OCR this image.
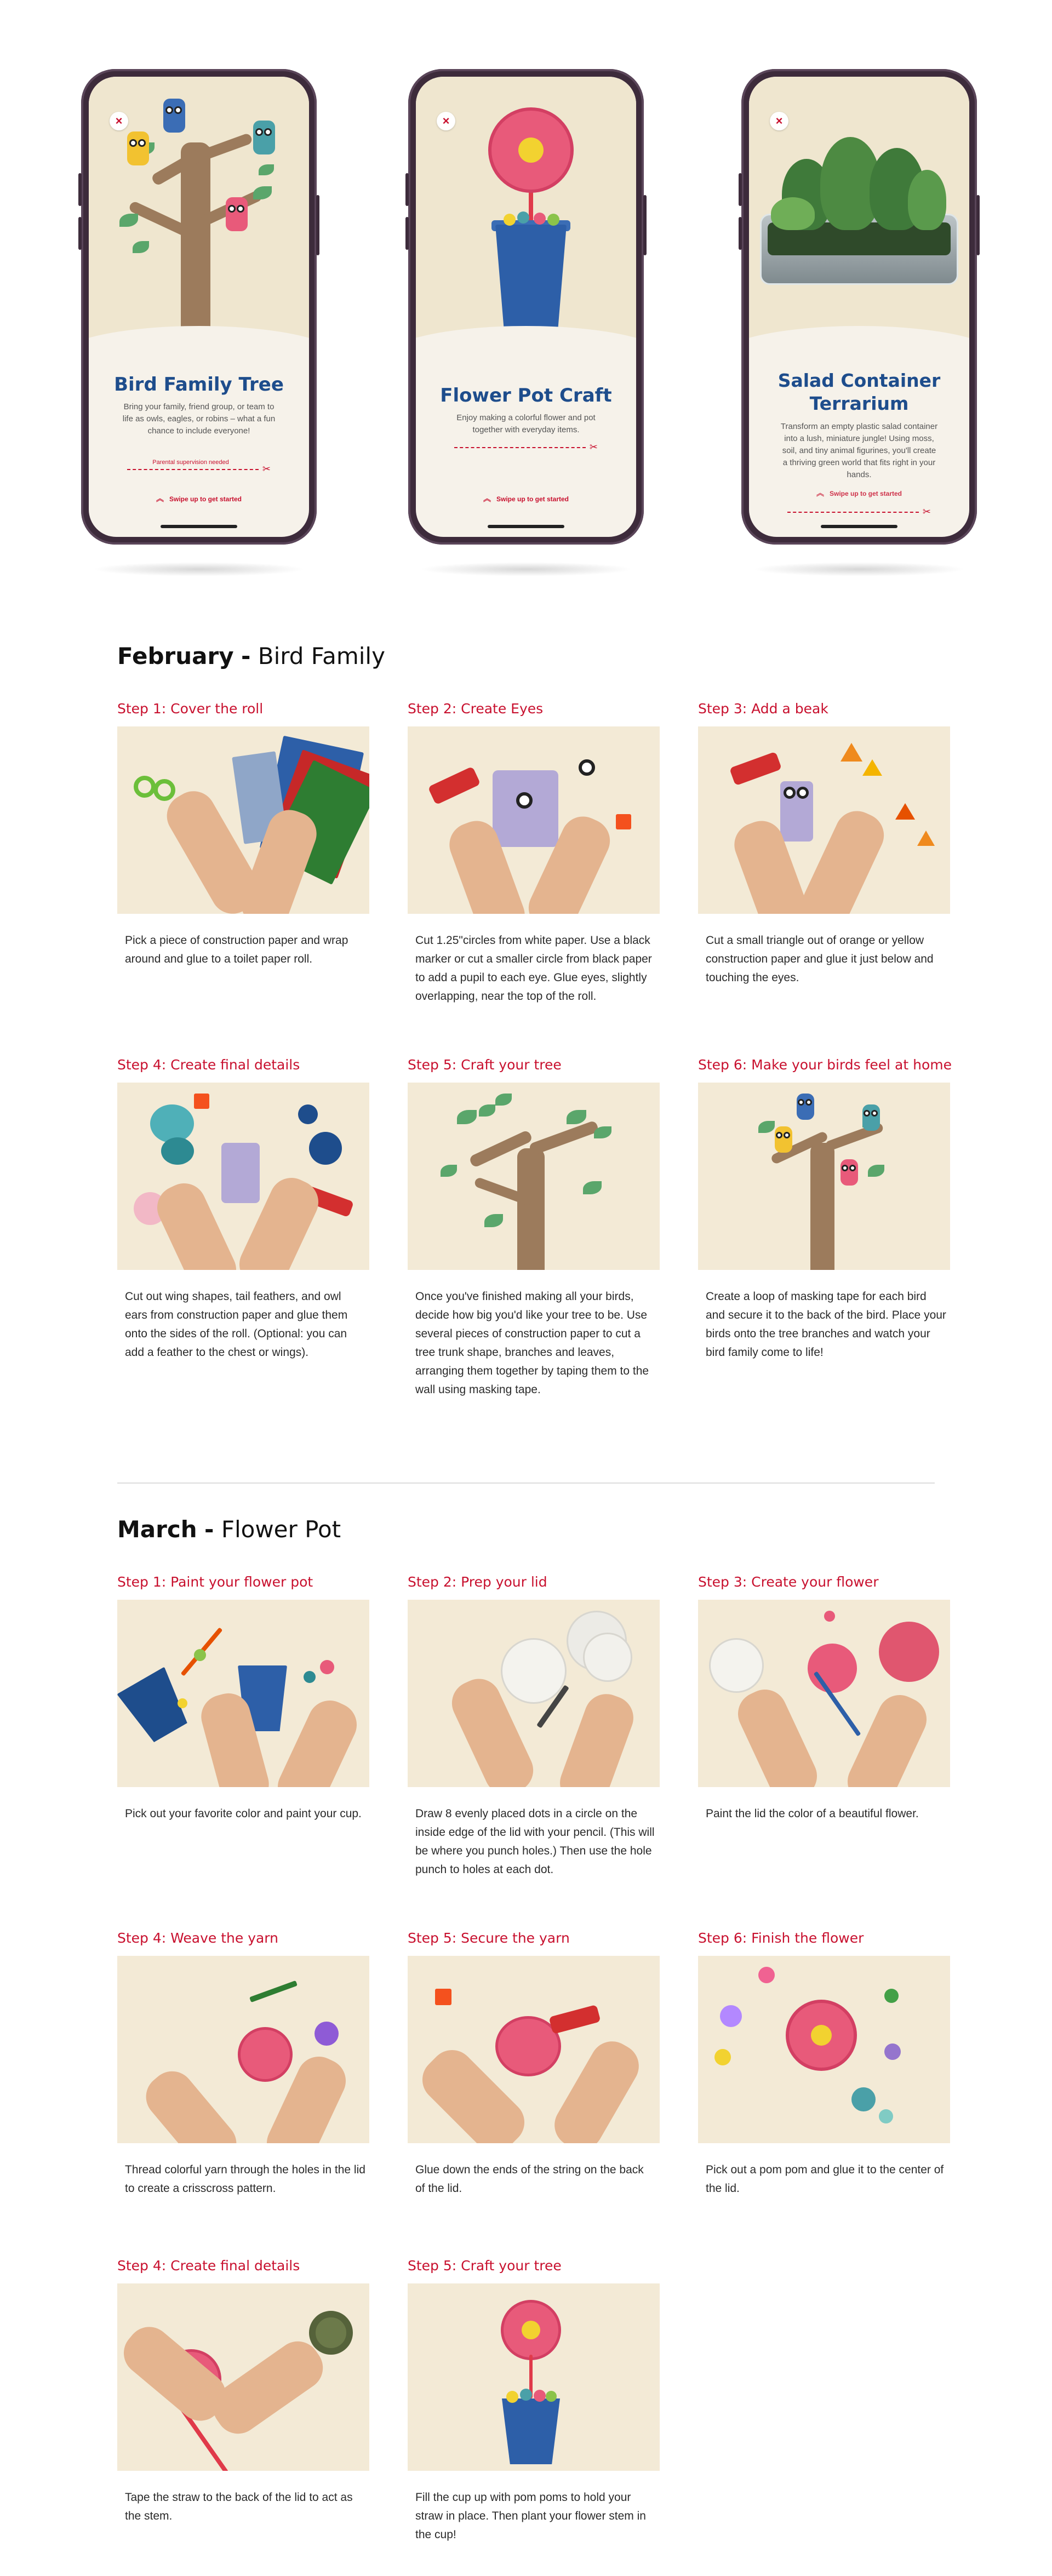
×
Bird Family Tree
Bring your family, friend group, or team to life as owls, eagles, or robins – what a fun chance to include everyone!
Parental supervision needed
✂
︽ Swipe up to get started
×
Flower Pot Craft
Enjoy making a colorful flower and pot together with everyday items.
✂
︽ Swipe up to get started
×
Salad Container Terrarium
Transform an empty plastic salad container into a lush, miniature jungle! Using moss, soil, and tiny animal figurines, you'll create a thriving green world that fits right in your hands.
✂
︽ Swipe up to get started
February - Bird Family
Step 1: Cover the roll
Pick a piece of construction paper and wrap around and glue to a toilet paper roll.
Step 2: Create Eyes
Cut 1.25"circles from white paper. Use a black marker or cut a smaller circle from black paper to add a pupil to each eye. Glue eyes, slightly overlapping, near the top of the roll.
Step 3: Add a beak
Cut a small triangle out of orange or yellow construction paper and glue it just below and touching the eyes.
Step 4: Create final details
Cut out wing shapes, tail feathers, and owl ears from construction paper and glue them onto the sides of the roll. (Optional: you can add a feather to the chest or wings).
Step 5: Craft your tree
Once you've finished making all your birds, decide how big you'd like your tree to be. Use several pieces of construction paper to cut a tree trunk shape, branches and leaves, arranging them together by taping them to the wall using masking tape.
Step 6: Make your birds feel at home
Create a loop of masking tape for each bird and secure it to the back of the bird. Place your birds onto the tree branches and watch your bird family come to life!
March - Flower Pot
Step 1: Paint your flower pot
Pick out your favorite color and paint your cup.
Step 2: Prep your lid
Draw 8 evenly placed dots in a circle on the inside edge of the lid with your pencil. (This will be where you punch holes.) Then use the hole punch to holes at each dot.
Step 3: Create your flower
Paint the lid the color of a beautiful flower.
Step 4: Weave the yarn
Thread colorful yarn through the holes in the lid to create a crisscross pattern.
Step 5: Secure the yarn
Glue down the ends of the string on the back of the lid.
Step 6: Finish the flower
Pick out a pom pom and glue it to the center of the lid.
Step 4: Create final details
Tape the straw to the back of the lid to act as the stem.
Step 5: Craft your tree
Fill the cup up with pom poms to hold your straw in place. Then plant your flower stem in the cup!
